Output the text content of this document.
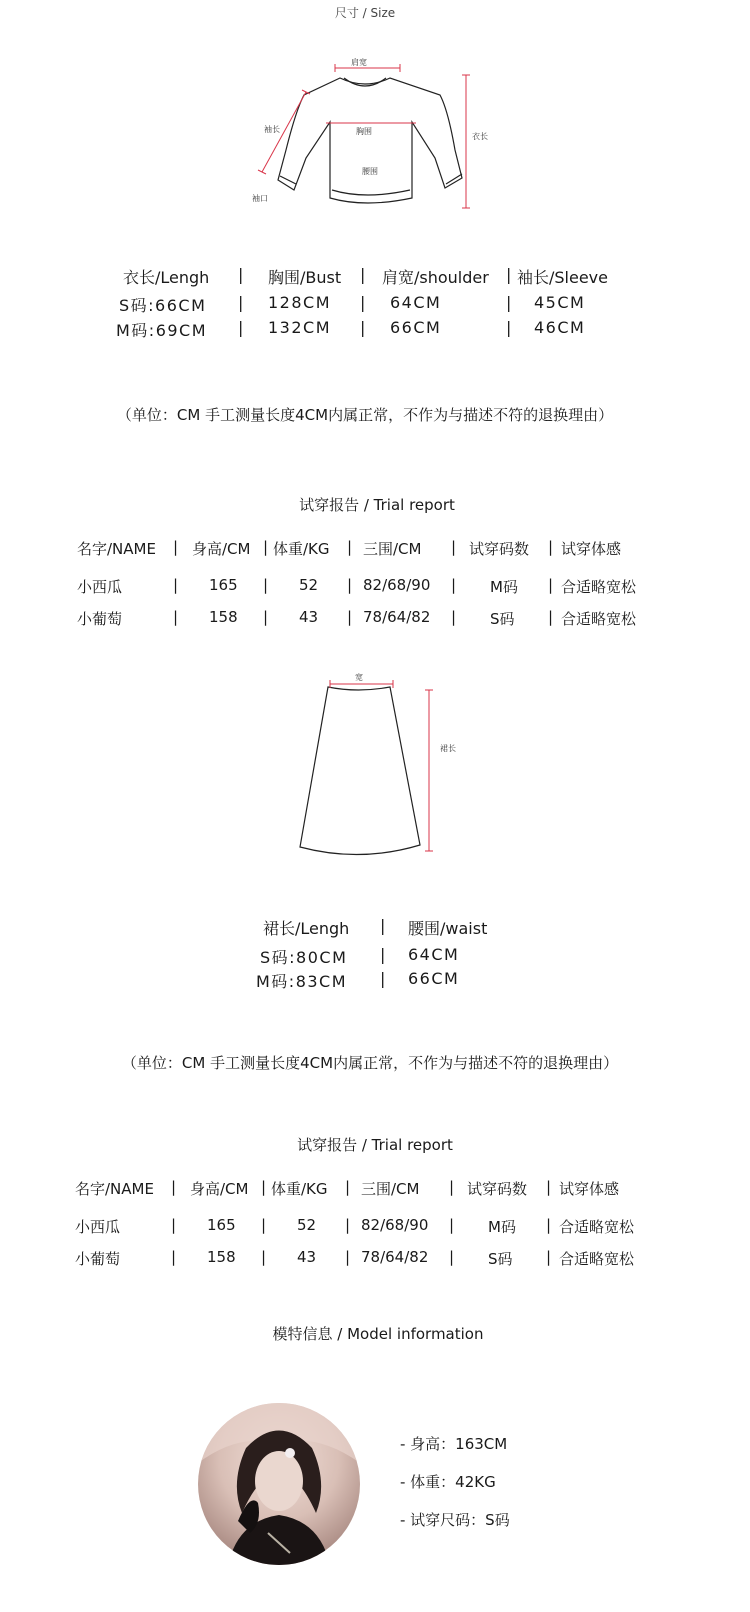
尺寸 / Size
肩宽
袖长	胸围
腰围
袖口
衣长
衣长/Lengh | 胸围/Bust | 肩宽/shoulder | 袖长/Sleeve
S码:66CM | 128CM | 64CM	| 45CM
M码:69CM | 132CM | 66CM	| 46CM
（单位：CM 手工测量长度4CM内属正常，不作为与描述不符的退换理由）
试穿报告 / Trial report
名字/NAME | 身高/CM | 体重/KG | 三围/CM | 试穿码数 | 试穿体感
小西瓜	| 165 | 52 | 82/68/90 | M码 | 合适略宽松
小葡萄	| 158 | 43 | 78/64/82 | S码 | 合适略宽松
宽
裙长
裙长/Lengh | 腰围/waist
S码:80CM | 64CM
M码:83CM | 66CM
（单位：CM 手工测量长度4CM内属正常，不作为与描述不符的退换理由）
试穿报告 / Trial report
名字/NAME | 身高/CM | 体重/KG | 三围/CM | 试穿码数 | 试穿体感
小西瓜	| 165 | 52 | 82/68/90 | M码 | 合适略宽松
小葡萄	| 158 | 43 | 78/64/82 | S码 | 合适略宽松
模特信息 / Model information
- 身高：163CM
- 体重：42KG
- 试穿尺码：S码
